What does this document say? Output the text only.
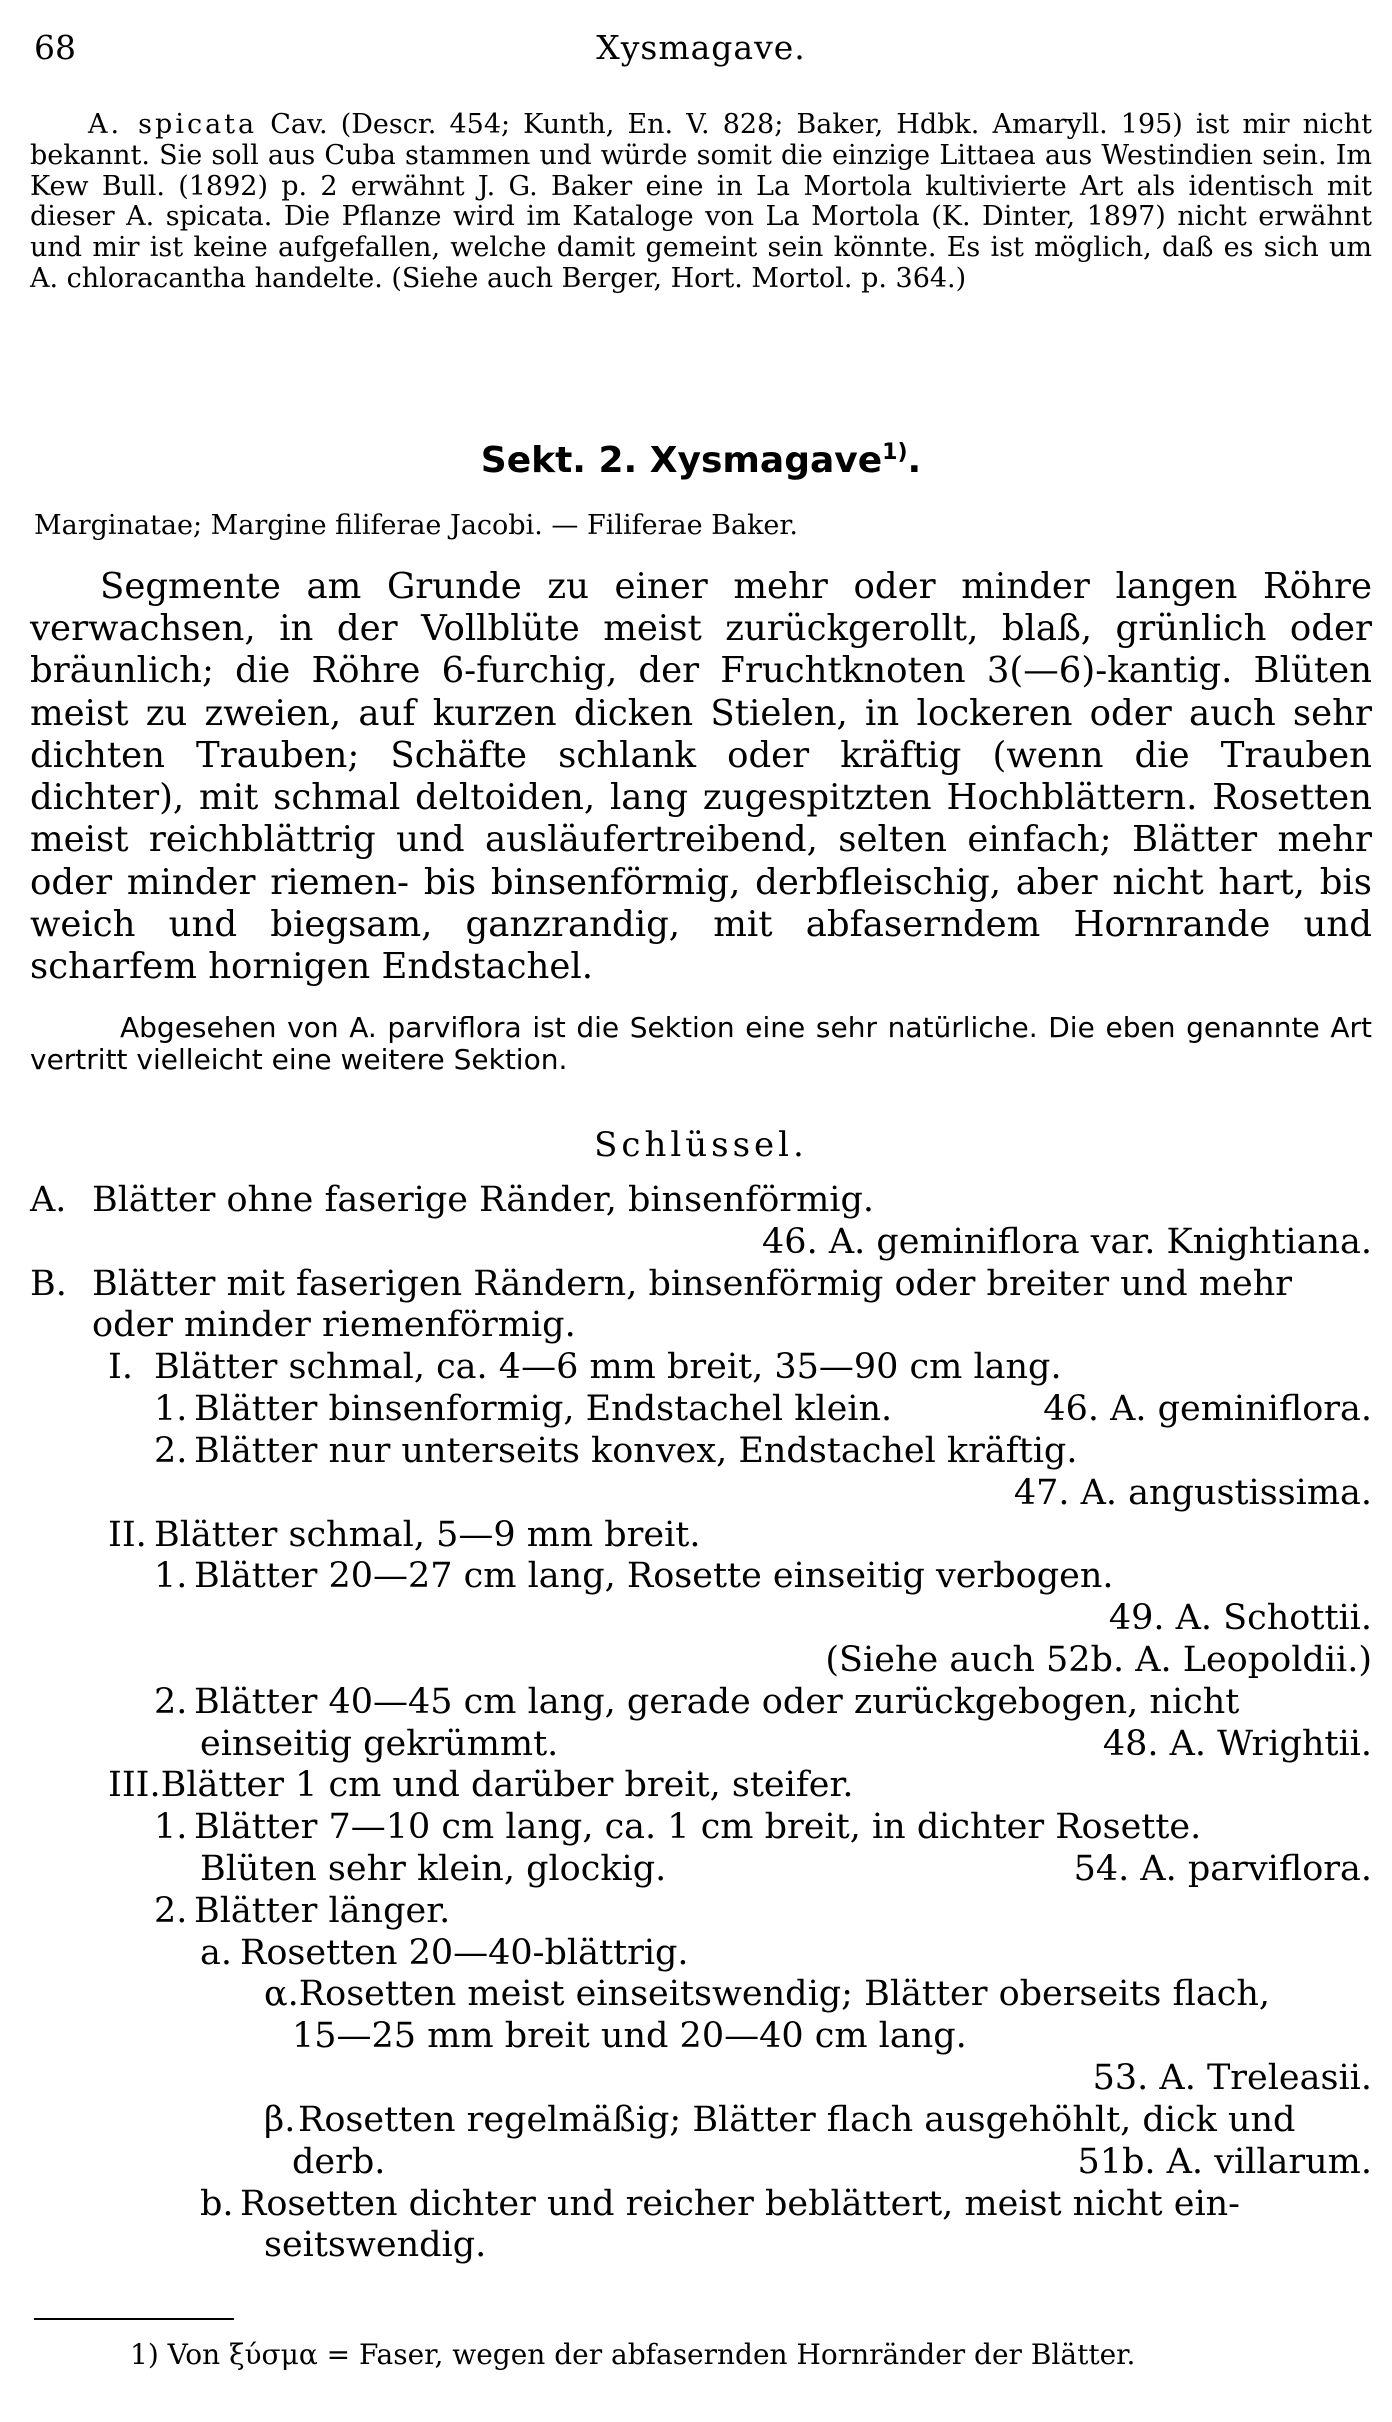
68	Xysmagave.

A. spicata Cav. (Descr. 454; Kunth, En. V. 828; Baker, Hdbk. Amaryll. 195) ist mir nicht bekannt. Sie soll aus Cuba stammen und würde somit die einzige Littaea aus Westindien sein. Im Kew Bull. (1892) p. 2 erwähnt J. G. Baker eine in La Mortola kultivierte Art als identisch mit dieser A. spicata. Die Pflanze wird im Kataloge von La Mortola (K. Dinter, 1897) nicht erwähnt und mir ist keine aufgefallen, welche damit gemeint sein könnte. Es ist möglich, daß es sich um A. chloracantha handelte. (Siehe auch Berger, Hort. Mortol. p. 364.)

Sekt. 2. Xysmagave$^{1)}$.
Marginatae; Margine filiferae Jacobi. — Filiferae Baker.
Segmente am Grunde zu einer mehr oder minder langen Röhre verwachsen, in der Vollblüte meist zurückgerollt, blaß, grünlich oder bräunlich; die Röhre 6-furchig, der Fruchtknoten 3(—6)-kantig. Blüten meist zu zweien, auf kurzen dicken Stielen, in lockeren oder auch sehr dichten Trauben; Schäfte schlank oder kräftig (wenn die Trauben dichter), mit schmal deltoiden, lang zugespitzten Hochblättern. Rosetten meist reichblättrig und ausläufertreibend, selten einfach; Blätter mehr oder minder riemen- bis binsenförmig, derbfleischig, aber nicht hart, bis weich und biegsam, ganzrandig, mit abfaserndem Hornrande und scharfem hornigen Endstachel.

Abgesehen von A. parviflora ist die Sektion eine sehr natürliche. Die eben genannte Art vertritt vielleicht eine weitere Sektion.

Schlüssel.
A. Blätter ohne faserige Ränder, binsenförmig.
46. A. geminiflora var. Knightiana.
B. Blätter mit faserigen Rändern, binsenförmig oder breiter und mehr
oder minder riemenförmig.
I. Blätter schmal, ca. 4—6 mm breit, 35—90 cm lang.
1. Blätter binsenformig, Endstachel klein.	46. A. geminiflora.
2. Blätter nur unterseits konvex, Endstachel kräftig.
47. A. angustissima.
II. Blätter schmal, 5—9 mm breit.
1. Blätter 20—27 cm lang, Rosette einseitig verbogen.
49. A. Schottii.
(Siehe auch 52b. A. Leopoldii.)
2. Blätter 40—45 cm lang, gerade oder zurückgebogen, nicht
einseitig gekrümmt.	48. A. Wrightii.
III. Blätter 1 cm und darüber breit, steifer.
1. Blätter 7—10 cm lang, ca. 1 cm breit, in dichter Rosette.
Blüten sehr klein, glockig.	54. A. parviflora.
2. Blätter länger.
a. Rosetten 20—40-blättrig.
α. Rosetten meist einseitswendig; Blätter oberseits flach,
15—25 mm breit und 20—40 cm lang.
53. A. Treleasii.
β. Rosetten regelmäßig; Blätter flach ausgehöhlt, dick und
derb.	51b. A. villarum.
b. Rosetten dichter und reicher beblättert, meist nicht ein-
seitswendig.
1) Von ξύσμα = Faser, wegen der abfasernden Hornränder der Blätter.
